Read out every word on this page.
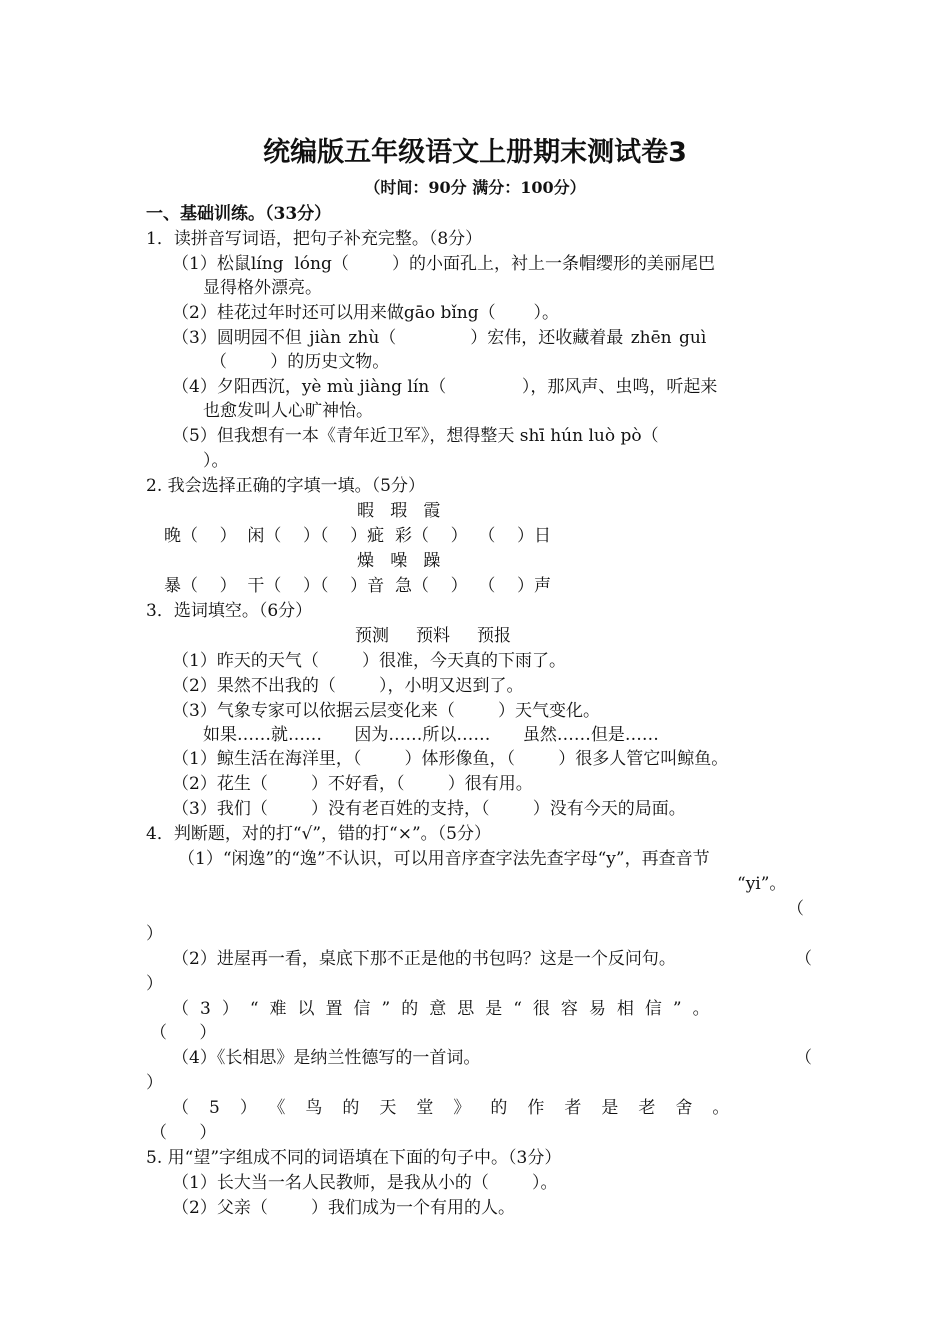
统编版五年级语文上册期末测试卷3
（时间：90分 满分：100分）
一、基础训练。（33分）
1．读拼音写词语，把句子补充完整。（8分）
（1）松鼠líng  lóng（        ）的小面孔上，衬上一条帽缨形的美丽尾巴
显得格外漂亮。
（2）桂花过年时还可以用来做gāo bǐng（       ）。
（3）圆明园不但 jiàn zhù（          ）宏伟，还收藏着最 zhēn guì
（        ）的历史文物。
（4）夕阳西沉，yè mù jiàng lín（              ），那风声、虫鸣，听起来
也愈发叫人心旷神怡。
（5）但我想有一本《青年近卫军》，想得整天 shī hún luò pò（
）。
2. 我会选择正确的字填一填。（5分）
暇   瑕   霞
晚（    ）  闲（    ）（    ）疵  彩（    ）  （    ）日
燥   噪   躁
暴（    ）  干（    ）（    ）音  急（    ）  （    ）声
3．选词填空。（6分）
预测     预料     预报
（1）昨天的天气（        ）很准，今天真的下雨了。
（2）果然不出我的（        ），小明又迟到了。
（3）气象专家可以依据云层变化来（        ）天气变化。
如果……就……      因为……所以……      虽然……但是……
（1）鲸生活在海洋里，（        ）体形像鱼，（        ）很多人管它叫鲸鱼。
（2）花生（        ）不好看，（        ）很有用。
（3）我们（        ）没有老百姓的支持，（        ）没有今天的局面。
4．判断题，对的打“√”，错的打“×”。（5分）
（1）“闲逸”的“逸”不认识，可以用音序查字法先查字母“y”，再查音节
“yi”。
（
）
（2）进屋再一看，桌底下那不正是他的书包吗？这是一个反问句。	（
）
（3）“难以置信”的意思是“很容易相信”。
（      ）
（4）《长相思》是纳兰性德写的一首词。	（
）
（5）《鸟的天堂》的作者是老舍。
（      ）
5. 用“望”字组成不同的词语填在下面的句子中。（3分）
（1）长大当一名人民教师，是我从小的（        ）。
（2）父亲（        ）我们成为一个有用的人。
